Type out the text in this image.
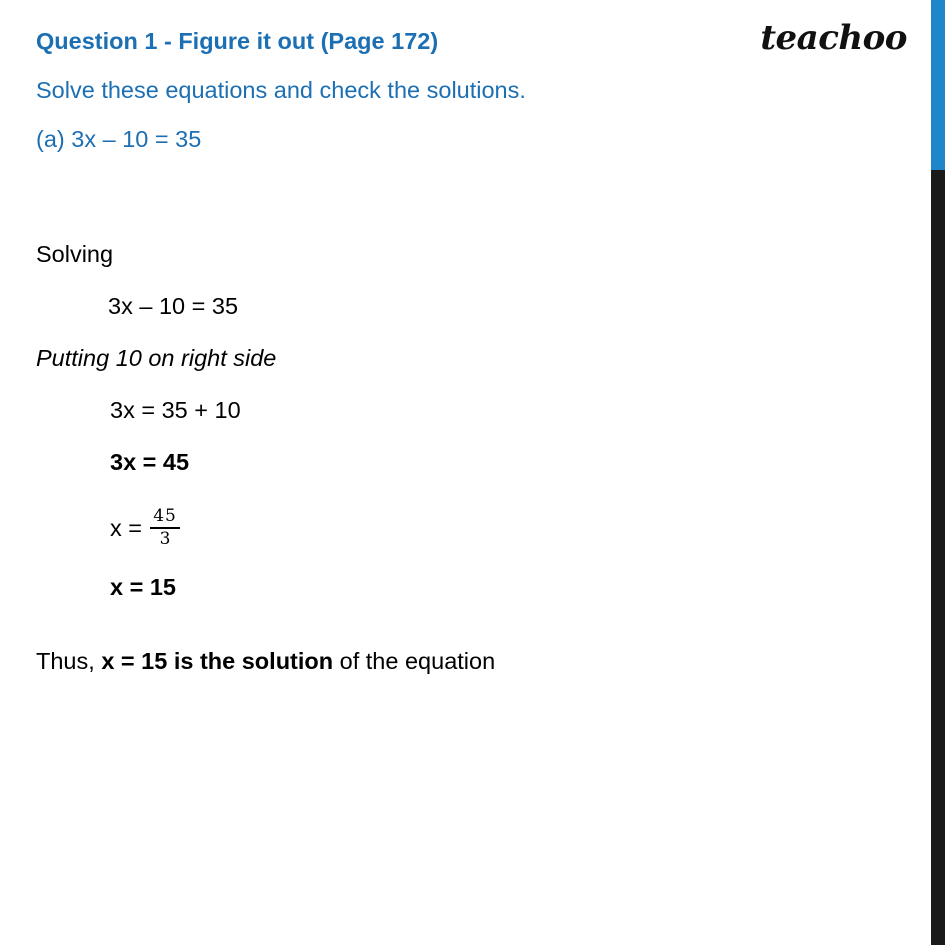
teachoo
Question 1 - Figure it out (Page 172)
Solve these equations and check the solutions.
(a) 3x – 10 = 35
Solving
3x – 10 = 35
Putting 10 on right side
3x = 35 + 10
3x = 45
$x = \frac{45}{3}$
x = 15
Thus, x = 15 is the solution of the equation
